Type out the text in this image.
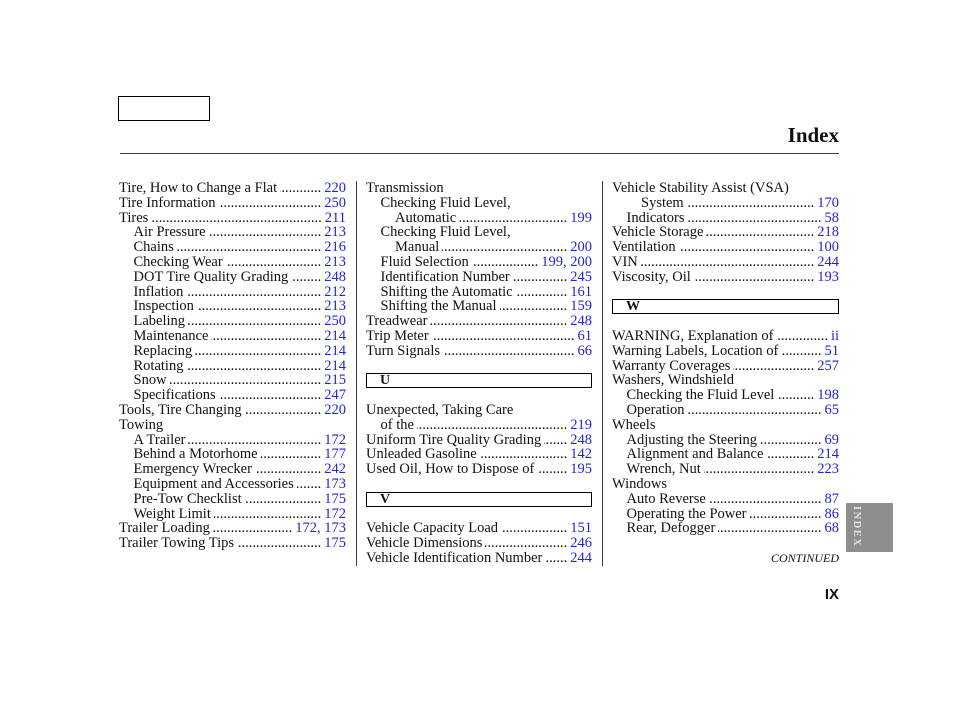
Index
Tire, How to Change a Flat .....	220
Tire Information .....	250
Tires .....	211
Air Pressure .....	213
Chains .....	216
Checking Wear .....	213
DOT Tire Quality Grading ..... 248
Inflation .....	212
Inspection .....	213
Labeling .....	250
Maintenance .....	214
Replacing .....	214
Rotating .....	214
Snow .....	215
Specifications .....	247
Tools, Tire Changing .....	220
Towing
A Trailer .....	172
Behind a Motorhome .....	177
Emergency Wrecker .....	242
Equipment and Accessories ..... 173
Pre-Tow Checklist .....	175
Weight Limit .....	172
Trailer Loading .....	172, 173
Trailer Towing Tips .....	175
Transmission
Checking Fluid Level,
Automatic .....	199
Checking Fluid Level,
Manual .....	200
Fluid Selection .....	199, 200
Identification Number .....	245
Shifting the Automatic .....	161
Shifting the Manual .....	159
Treadwear .....	248
Trip Meter .....	61
Turn Signals .....	66
U
Unexpected, Taking Care
of the .....	219
Uniform Tire Quality Grading ..... 248
Unleaded Gasoline .....	142
Used Oil, How to Dispose of ..... 195
V
Vehicle Capacity Load .....	151
Vehicle Dimensions .....	246
Vehicle Identification Number ..... 244
Vehicle Stability Assist (VSA)
System .....	170
Indicators .....	58
Vehicle Storage .....	218
Ventilation .....	100
VIN .....	244
Viscosity, Oil .....	193
W
WARNING, Explanation of .....	ii
Warning Labels, Location of .....	51
Warranty Coverages .....	257
Washers, Windshield
Checking the Fluid Level .....	198
Operation .....	65
Wheels
Adjusting the Steering .....	69
Alignment and Balance .....	214
Wrench, Nut .....	223
Windows
Auto Reverse .....	87
Operating the Power .....	86
Rear, Defogger .....	68
CONTINUED
IX
INDEX
